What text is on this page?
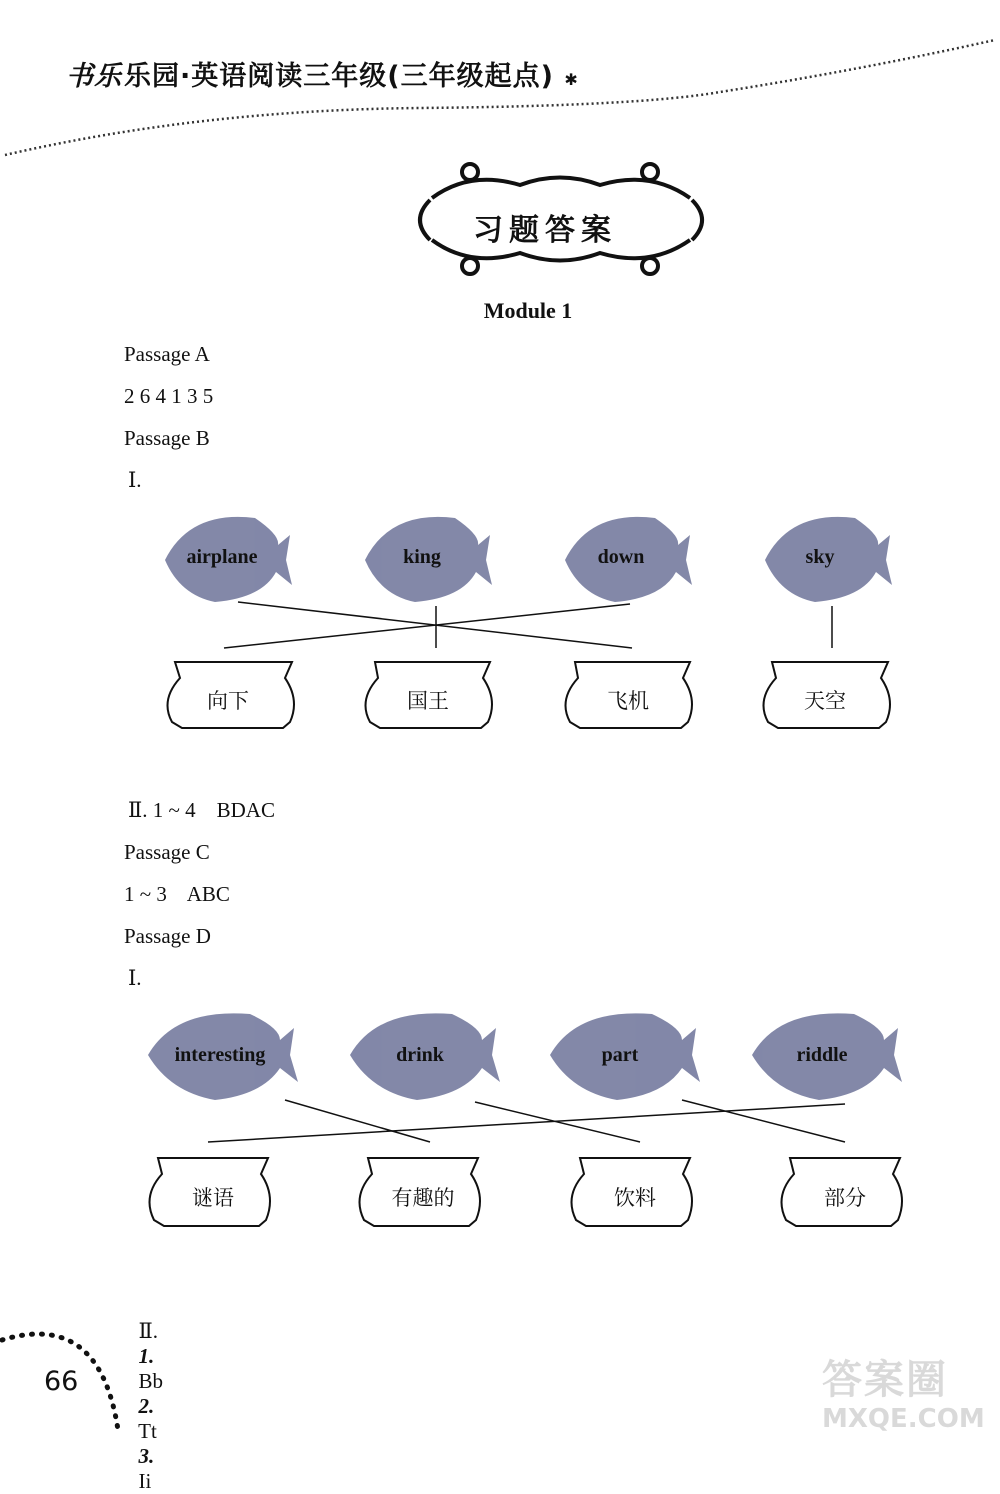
书乐乐园·英语阅读三年级(三年级起点) ✱
习题答案
Module 1
Passage A
2 6 4 1 3 5
Passage B
Ⅰ.
airplane	king	down	sky
向下	国王	飞机	天空
Ⅱ. 1 ~ 4    BDAC
Passage C
1 ~ 3    ABC
Passage D
Ⅰ.
interesting	drink	part	riddle
谜语	有趣的	饮料	部分

Ⅱ.
1.
Bb
2.
Tt
3.
Ii

66	答案圈
MXQE.COM
